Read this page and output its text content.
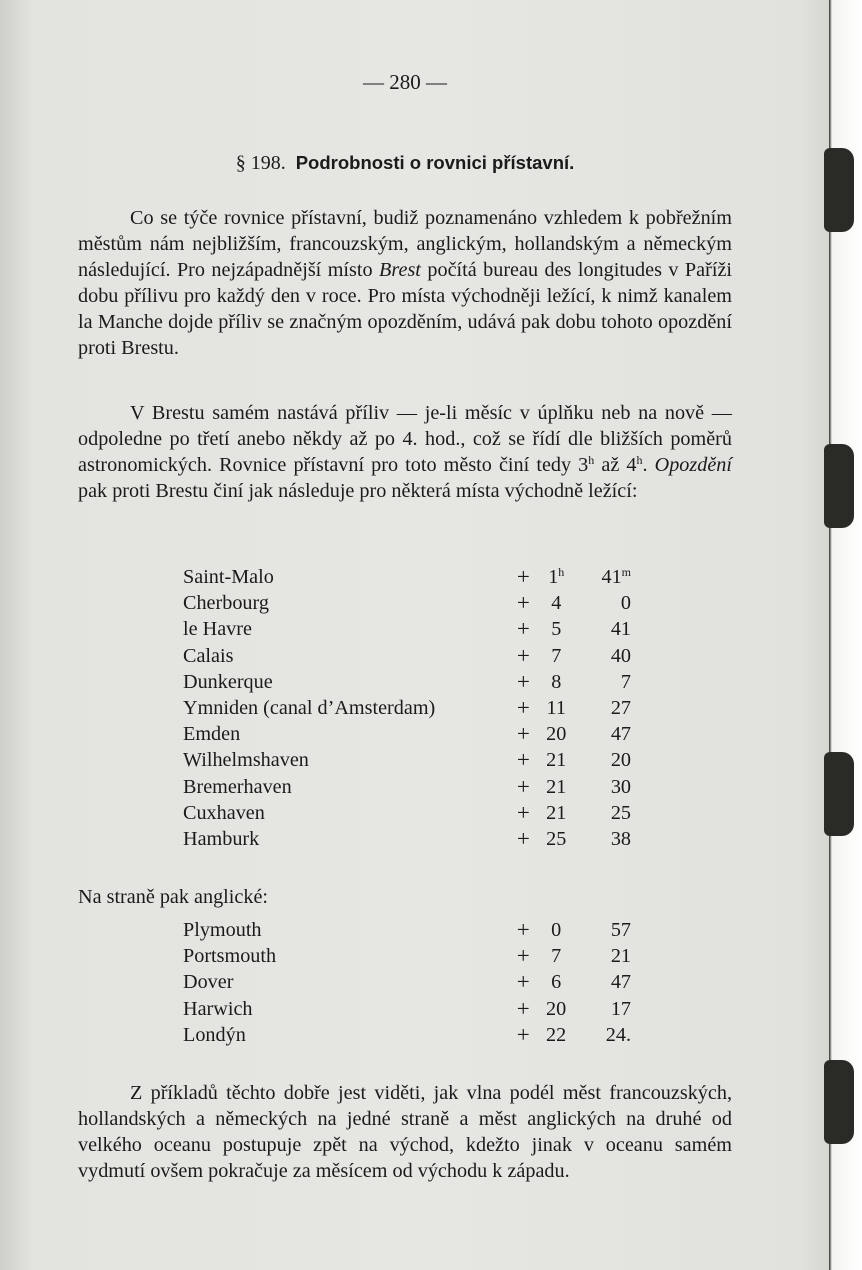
— 280 —
§ 198. Podrobnosti o rovnici přístavní.

Co se týče rovnice přístavní, budiž poznamenáno vzhledem k pobřežním městům nám nejbližším, francouzským, anglickým, hollandským a německým následující. Pro nejzápadnější místo Brest počítá bureau des longitudes v Paříži dobu přílivu pro každý den v roce. Pro místa východněji ležící, k nimž kanalem la Manche dojde příliv se značným opozděním, udává pak dobu tohoto opozdění proti Brestu.

V Brestu samém nastává příliv — je-li měsíc v úplňku neb na nově — odpoledne po třetí anebo někdy až po 4. hod., což se řídí dle bližších poměrů astronomických. Rovnice přístavní pro toto město činí tedy 3$^h$ až 4$^h$. Opozdění pak proti Brestu činí jak následuje pro některá místa východně ležící:

Saint-Malo	+	$1^h$	41$^m$
Cherbourg	+	4	0
le Havre	+	5	41
Calais	+	7	40
Dunkerque	+	8	7
Ymniden (canal d’Amsterdam)	+	11	27
Emden	+	20	47
Wilhelmshaven	+	21	20
Bremerhaven	+	21	30
Cuxhaven	+	21	25
Hamburk	+	25	38
Na straně pak anglické:
Plymouth	+	0	57
Portsmouth	+	7	21
Dover	+	6	47
Harwich	+	20	17
Londýn	+	22	24.

Z příkladů těchto dobře jest viděti, jak vlna podél měst francouzských, hollandských a německých na jedné straně a měst anglických na druhé od velkého oceanu postupuje zpět na východ, kdežto jinak v oceanu samém vydmutí ovšem pokračuje za měsícem od východu k západu.
